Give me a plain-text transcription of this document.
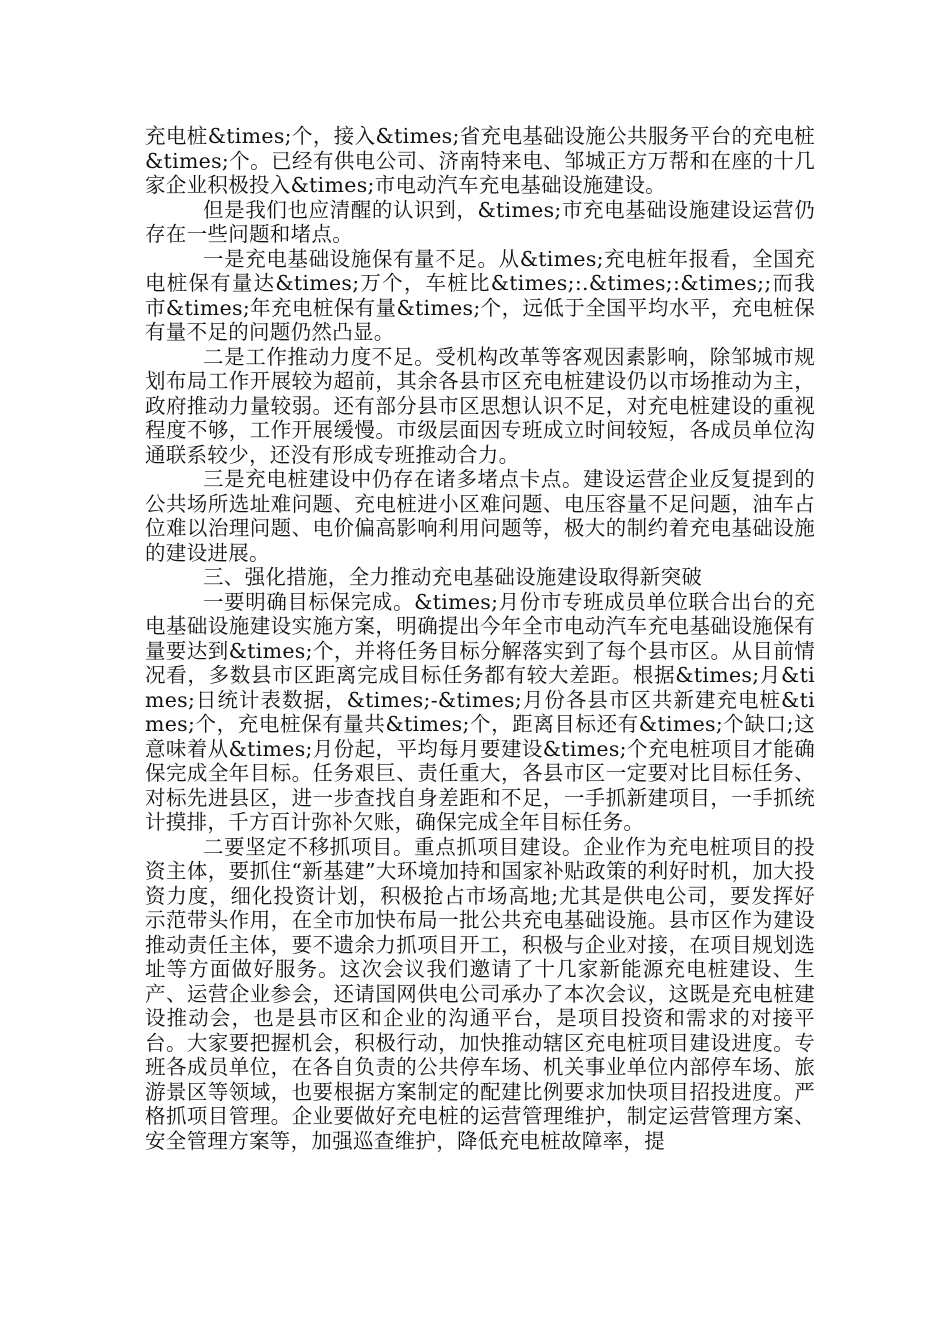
充电桩&times;个，接入&times;省充电基础设施公共服务平台的充电桩&times;个。已经有供电公司、济南特来电、邹城正方万帮和在座的十几家企业积极投入&times;市电动汽车充电基础设施建设。

但是我们也应清醒的认识到，&times;市充电基础设施建设运营仍存在一些问题和堵点。

一是充电基础设施保有量不足。从&times;充电桩年报看，全国充电桩保有量达&times;万个，车桩比&times;:.&times;:&times;;而我市&times;年充电桩保有量&times;个，远低于全国平均水平，充电桩保有量不足的问题仍然凸显。

二是工作推动力度不足。受机构改革等客观因素影响，除邹城市规划布局工作开展较为超前，其余各县市区充电桩建设仍以市场推动为主，政府推动力量较弱。还有部分县市区思想认识不足，对充电桩建设的重视程度不够，工作开展缓慢。市级层面因专班成立时间较短，各成员单位沟通联系较少，还没有形成专班推动合力。

三是充电桩建设中仍存在诸多堵点卡点。建设运营企业反复提到的公共场所选址难问题、充电桩进小区难问题、电压容量不足问题，油车占位难以治理问题、电价偏高影响利用问题等，极大的制约着充电基础设施的建设进展。

三、强化措施，全力推动充电基础设施建设取得新突破

一要明确目标保完成。&times;月份市专班成员单位联合出台的充电基础设施建设实施方案，明确提出今年全市电动汽车充电基础设施保有量要达到&times;个，并将任务目标分解落实到了每个县市区。从目前情况看，多数县市区距离完成目标任务都有较大差距。根据&times;月&times;日统计表数据，&times;-&times;月份各县市区共新建充电桩&times;个，充电桩保有量共&times;个，距离目标还有&times;个缺口;这意味着从&times;月份起，平均每月要建设&times;个充电桩项目才能确保完成全年目标。任务艰巨、责任重大，各县市区一定要对比目标任务、对标先进县区，进一步查找自身差距和不足，一手抓新建项目，一手抓统计摸排，千方百计弥补欠账，确保完成全年目标任务。

二要坚定不移抓项目。重点抓项目建设。企业作为充电桩项目的投资主体，要抓住“新基建”大环境加持和国家补贴政策的利好时机，加大投资力度，细化投资计划，积极抢占市场高地;尤其是供电公司，要发挥好示范带头作用，在全市加快布局一批公共充电基础设施。县市区作为建设推动责任主体，要不遗余力抓项目开工，积极与企业对接，在项目规划选址等方面做好服务。这次会议我们邀请了十几家新能源充电桩建设、生产、运营企业参会，还请国网供电公司承办了本次会议，这既是充电桩建设推动会，也是县市区和企业的沟通平台，是项目投资和需求的对接平台。大家要把握机会，积极行动，加快推动辖区充电桩项目建设进度。专班各成员单位，在各自负责的公共停车场、机关事业单位内部停车场、旅游景区等领域，也要根据方案制定的配建比例要求加快项目招投进度。严格抓项目管理。企业要做好充电桩的运营管理维护，制定运营管理方案、安全管理方案等，加强巡查维护，降低充电桩故障率，提
